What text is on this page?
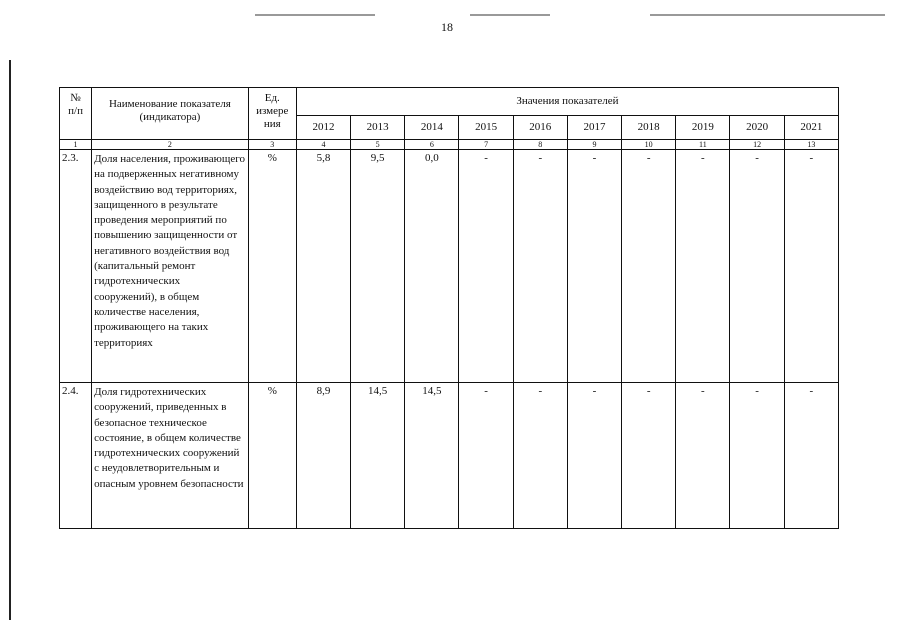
18
№
п/п	Наименование показателя (индикатора)	Ед. измере ния	Значения показателей									
			2012	2013	2014	2015	2016	2017	2018	2019	2020	2021
1	2	3	4	5	6	7	8	9	10	11	12	13
2.3.	Доля населения, проживающего на подверженных негативному воздействию вод территориях, защищенного в результате проведения мероприятий по повышению защищенности от негативного воздействия вод (капитальный ремонт гидротехнических сооружений), в общем количестве населения, проживающего на таких территориях	%	5,8	9,5	0,0	-	-	-	-	-	-	-
2.4.	Доля гидротехнических сооружений, приведенных в безопасное техническое состояние, в общем количестве гидротехнических сооружений с неудовлетворительным и опасным уровнем безопасности	%	8,9	14,5	14,5	-	-	-	-	-	-	-
